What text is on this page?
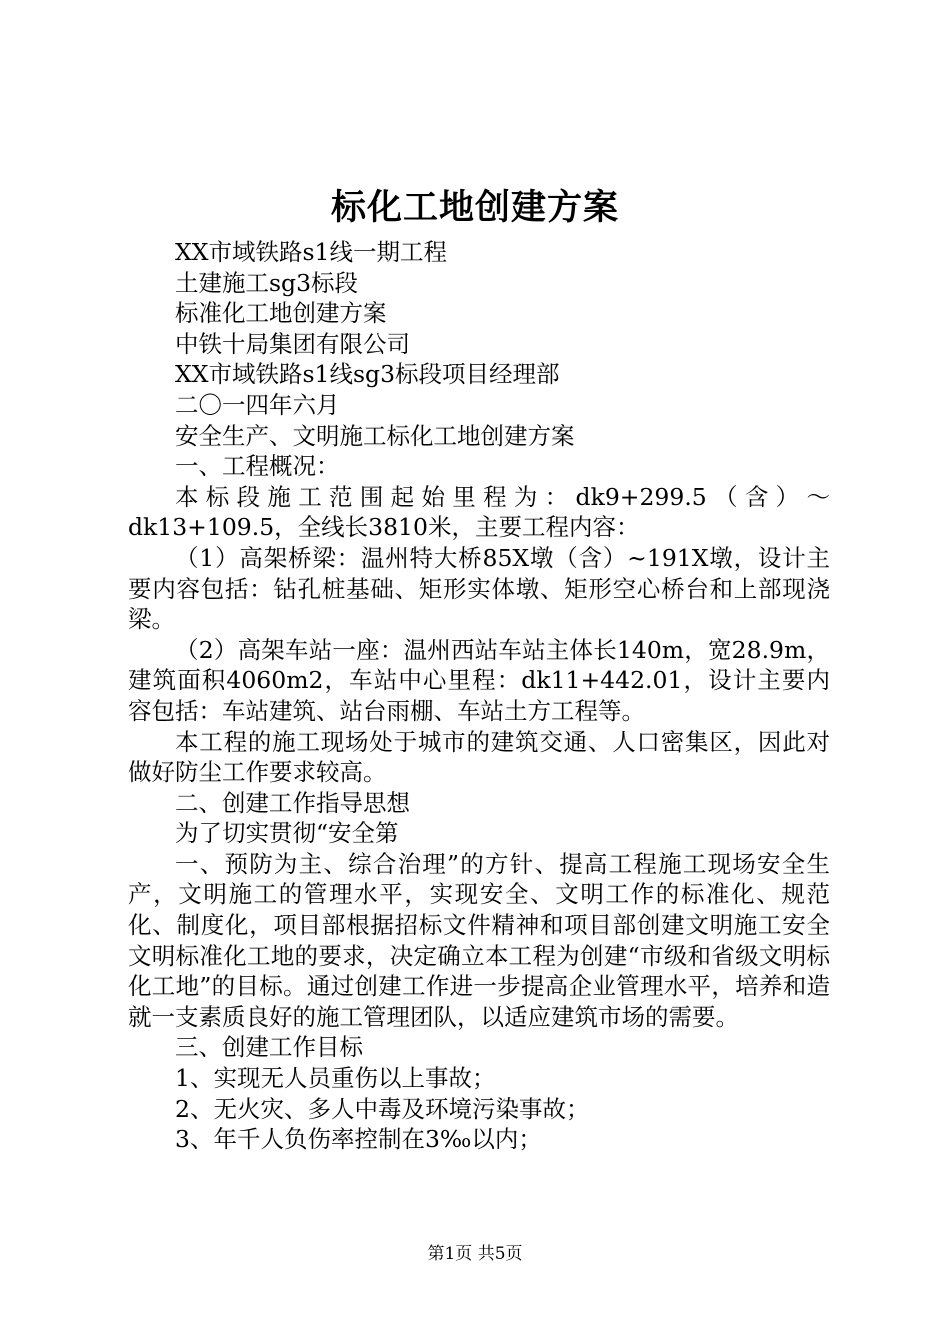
标化工地创建方案

XX市域铁路s1线一期工程

土建施工sg3标段

标准化工地创建方案

中铁十局集团有限公司

XX市域铁路s1线sg3标段项目经理部

二〇一四年六月

安全生产、文明施工标化工地创建方案

一、工程概况：

本标段施工范围起始里程为：dk9+299.5（含）～dk13+109.5，全线长3810米，主要工程内容：

（1）高架桥梁：温州特大桥85X墩（含）~191X墩，设计主要内容包括：钻孔桩基础、矩形实体墩、矩形空心桥台和上部现浇梁。

（2）高架车站一座：温州西站车站主体长140m，宽28.9m，建筑面积4060m2，车站中心里程：dk11+442.01，设计主要内容包括：车站建筑、站台雨棚、车站土方工程等。

本工程的施工现场处于城市的建筑交通、人口密集区，因此对做好防尘工作要求较高。

二、创建工作指导思想

为了切实贯彻“安全第

一、预防为主、综合治理”的方针、提高工程施工现场安全生产，文明施工的管理水平，实现安全、文明工作的标准化、规范化、制度化，项目部根据招标文件精神和项目部创建文明施工安全文明标准化工地的要求，决定确立本工程为创建“市级和省级文明标化工地”的目标。通过创建工作进一步提高企业管理水平，培养和造就一支素质良好的施工管理团队，以适应建筑市场的需要。

三、创建工作目标

1、实现无人员重伤以上事故；

2、无火灾、多人中毒及环境污染事故；

3、年千人负伤率控制在3‰以内；

第1页 共5页
